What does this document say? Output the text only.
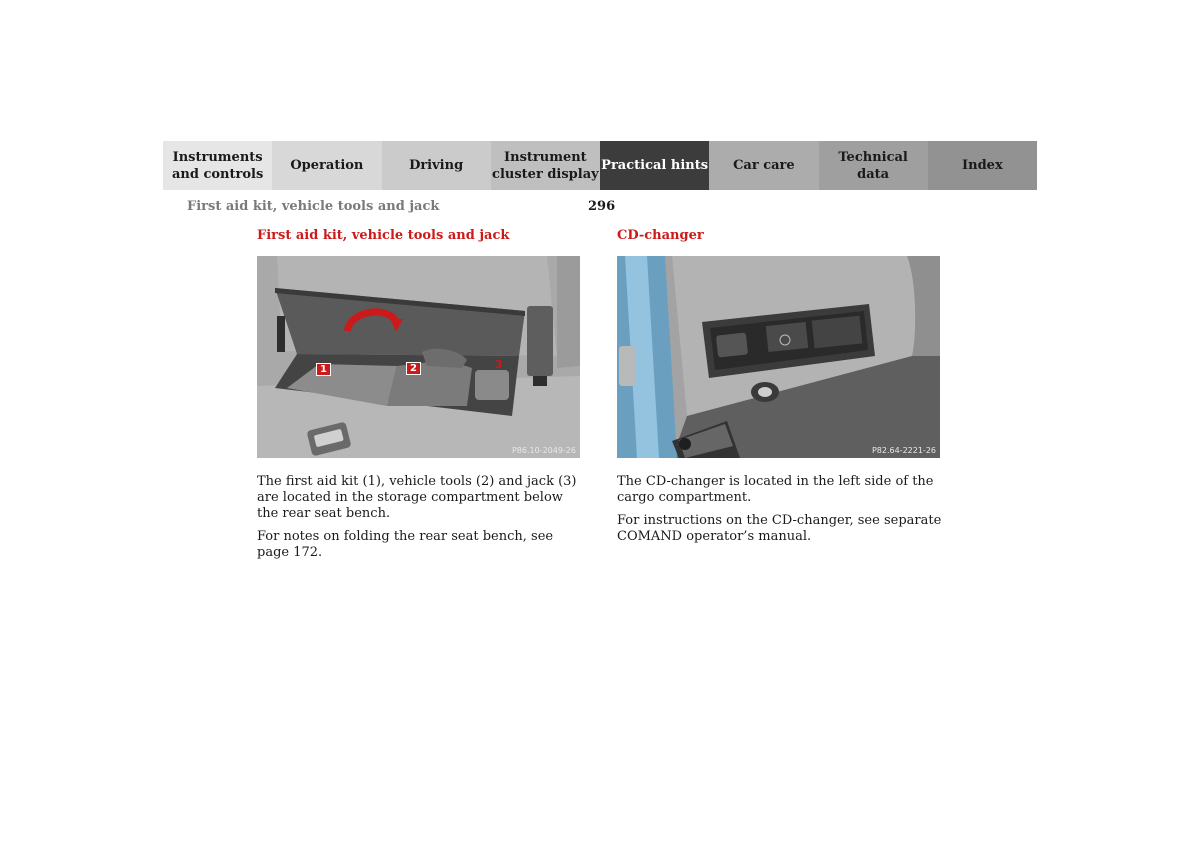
Instruments
and controls
Operation	Driving
Instrument
cluster display
Practical hints	Car care
Technical
data
Index
First aid kit, vehicle tools and jack	296
First aid kit, vehicle tools and jack	CD-changer
1	2	3
P86.10-2049-26	P82.64-2221-26

The first aid kit (1), vehicle tools (2) and jack (3) are located in the storage compartment below the rear seat bench.

For notes on folding the rear seat bench, see page 172.

The CD-changer is located in the left side of the cargo compartment.

For instructions on the CD-changer, see separate COMAND operator’s manual.
